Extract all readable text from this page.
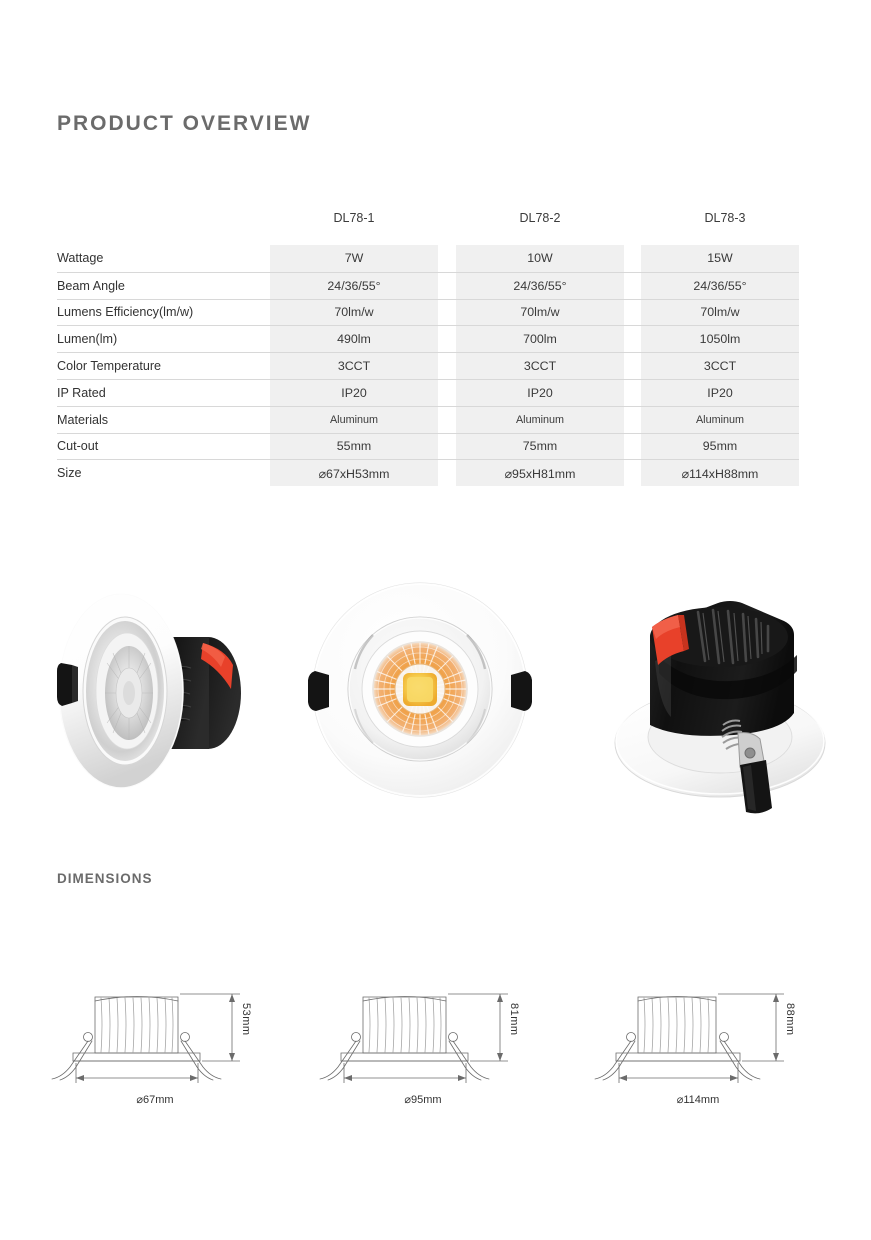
PRODUCT OVERVIEW
DL78-1	DL78-2	DL78-3
Wattage	7W	10W	15W
Beam Angle	24/36/55°	24/36/55°	24/36/55°
Lumens Efficiency(lm/w)	70lm/w	70lm/w	70lm/w
Lumen(lm)	490lm	700lm	1050lm
Color Temperature	3CCT	3CCT	3CCT
IP Rated	IP20	IP20	IP20
Materials	Aluminum	Aluminum	Aluminum
Cut-out	55mm	75mm	95mm
Size	⌀67xH53mm	⌀95xH81mm	⌀114xH88mm
DIMENSIONS
⌀67mm
53mm
⌀95mm
81mm
⌀114mm
88mm
